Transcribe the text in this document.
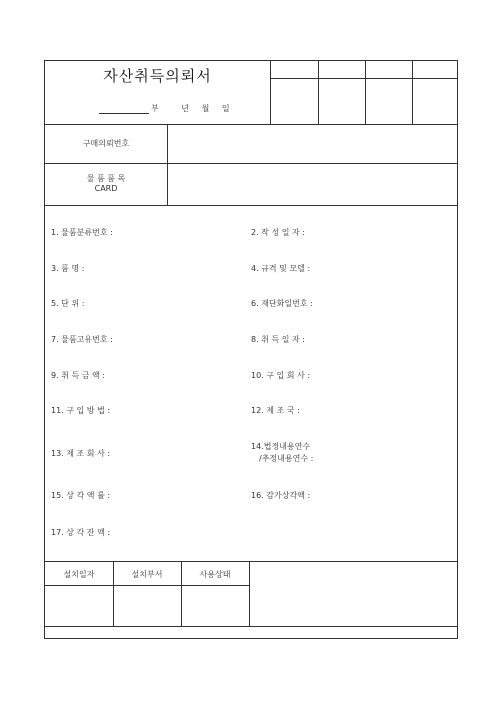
자산취득의뢰서
부	년 월 일
구매의뢰번호
물 품 품 목
CARD
1. 물품분류번호 :	2. 작 성 일 자 :
3. 품 명 :	4. 규격 및 모델 :
5. 단 위 :	6. 재단화일번호 :
7. 물품고유번호 :	8. 취 득 일 자 :
9. 취 득 금 액 :	10. 구 입 회 사 :
11. 구 입 방 법 :	12. 제 조 국 :
13. 제 조 회 사 :
14.법정내용연수
/추정내용연수 :
15. 상 각 액 률 :	16. 감가상각액 :
17. 상 각 잔 액 :
설치일자	설치부서	사용상태
